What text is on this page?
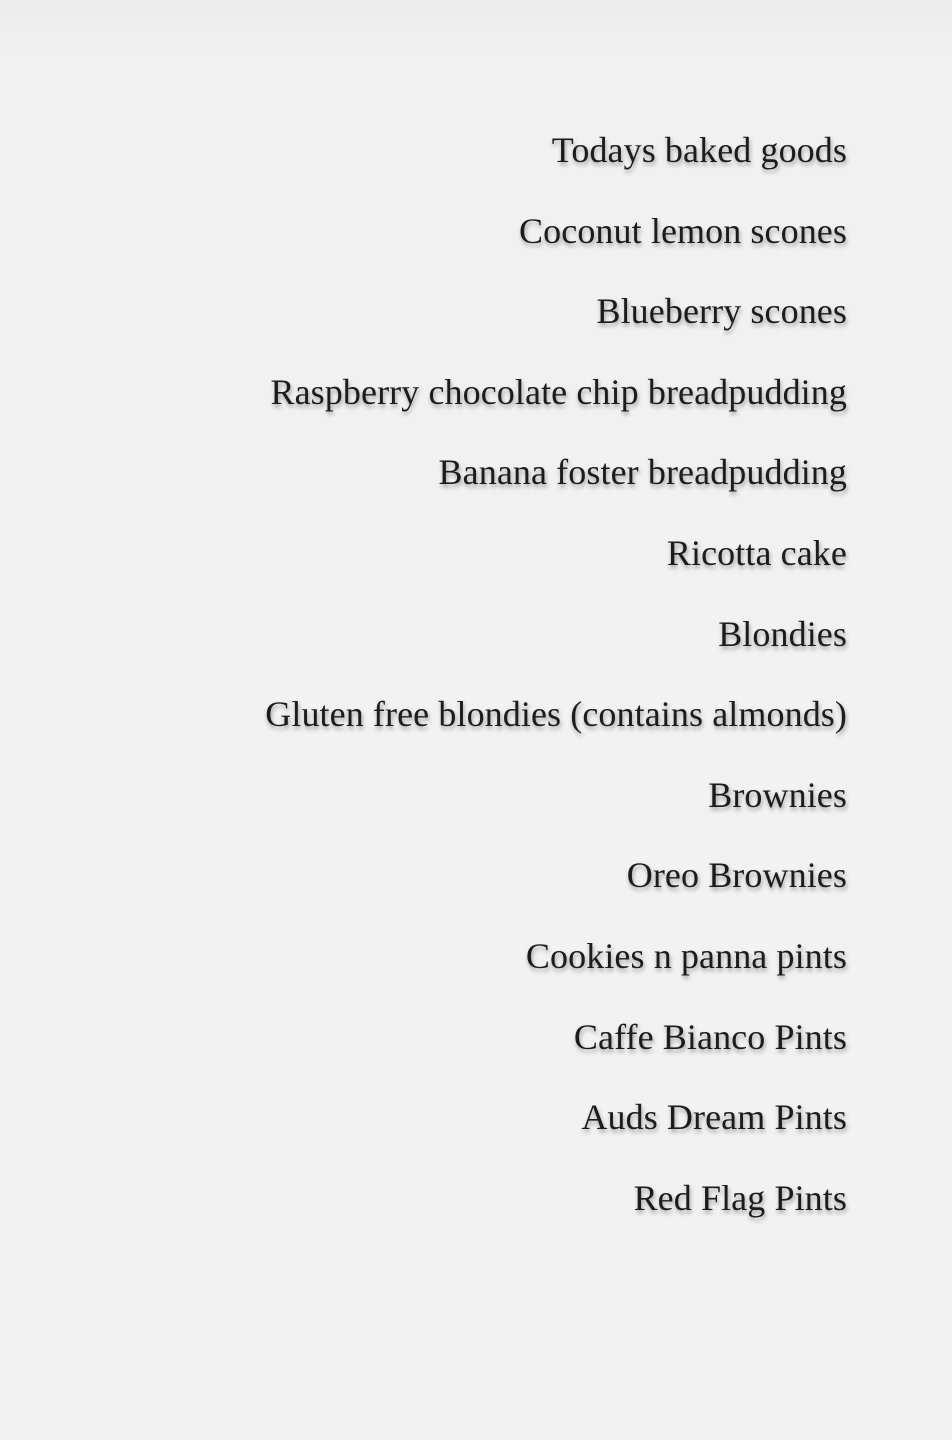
Todays baked goods
Coconut lemon scones
Blueberry scones
Raspberry chocolate chip breadpudding
Banana foster breadpudding
Ricotta cake
Blondies
Gluten free blondies (contains almonds)
Brownies
Oreo Brownies
Cookies n panna pints
Caffe Bianco Pints
Auds Dream Pints
Red Flag Pints
